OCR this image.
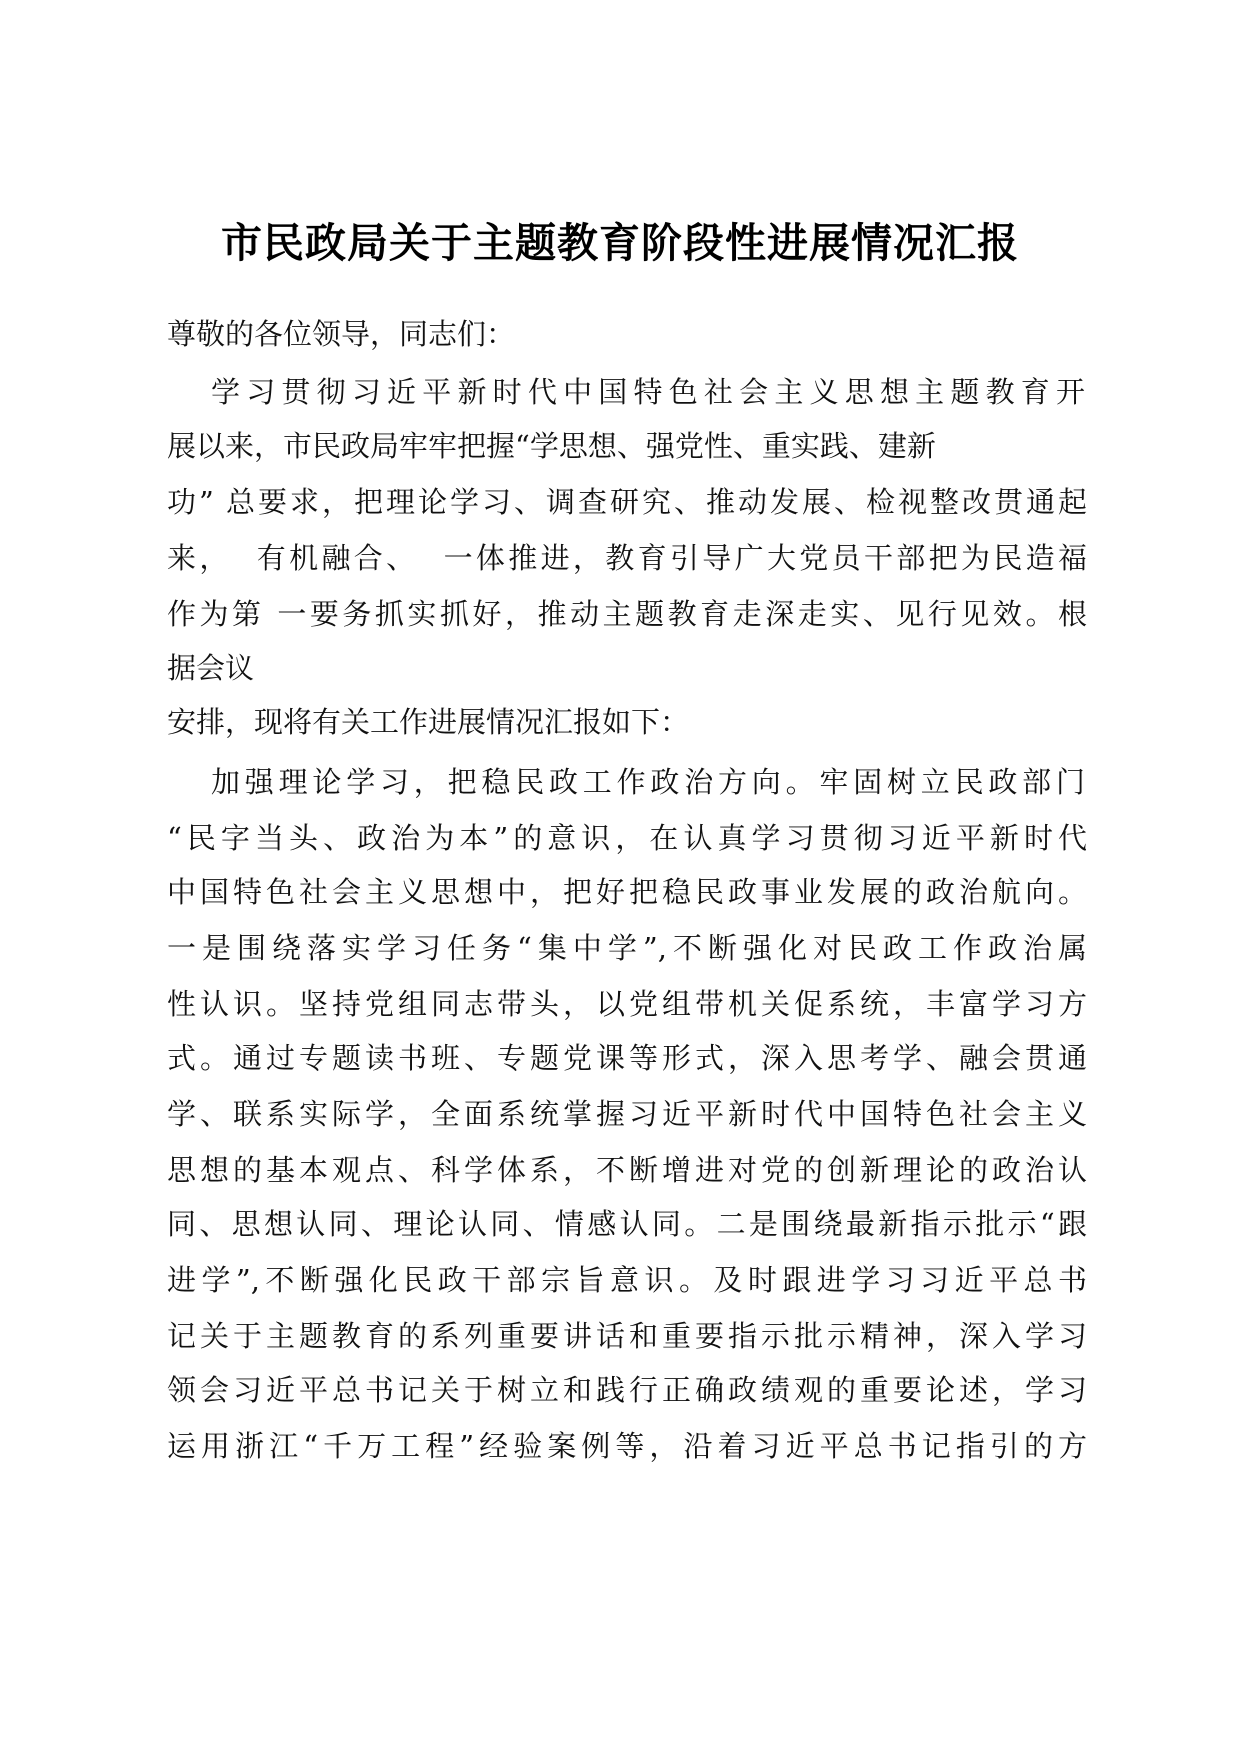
市民政局关于主题教育阶段性进展情况汇报
尊敬的各位领导，同志们：
学习贯彻习近平新时代中国特色社会主义思想主题教育开
展以来，市民政局牢牢把握“学思想、强党性、重实践、建新
功” 总要求，把理论学习、调查研究、推动发展、检视整改贯通起
来，  有机融合、  一体推进，教育引导广大党员干部把为民造福
作为第 一要务抓实抓好，推动主题教育走深走实、见行见效。根
据会议
安排，现将有关工作进展情况汇报如下：
加强理论学习，把稳民政工作政治方向。牢固树立民政部门
“民字当头、政治为本”的意识，在认真学习贯彻习近平新时代
中国特色社会主义思想中，把好把稳民政事业发展的政治航向。
一是围绕落实学习任务“集中学”,不断强化对民政工作政治属
性认识。坚持党组同志带头，以党组带机关促系统，丰富学习方
式。通过专题读书班、专题党课等形式，深入思考学、融会贯通
学、联系实际学，全面系统掌握习近平新时代中国特色社会主义
思想的基本观点、科学体系，不断增进对党的创新理论的政治认
同、思想认同、理论认同、情感认同。二是围绕最新指示批示“跟
进学”,不断强化民政干部宗旨意识。及时跟进学习习近平总书
记关于主题教育的系列重要讲话和重要指示批示精神，深入学习
领会习近平总书记关于树立和践行正确政绩观的重要论述，学习
运用浙江“千万工程”经验案例等，沿着习近平总书记指引的方
